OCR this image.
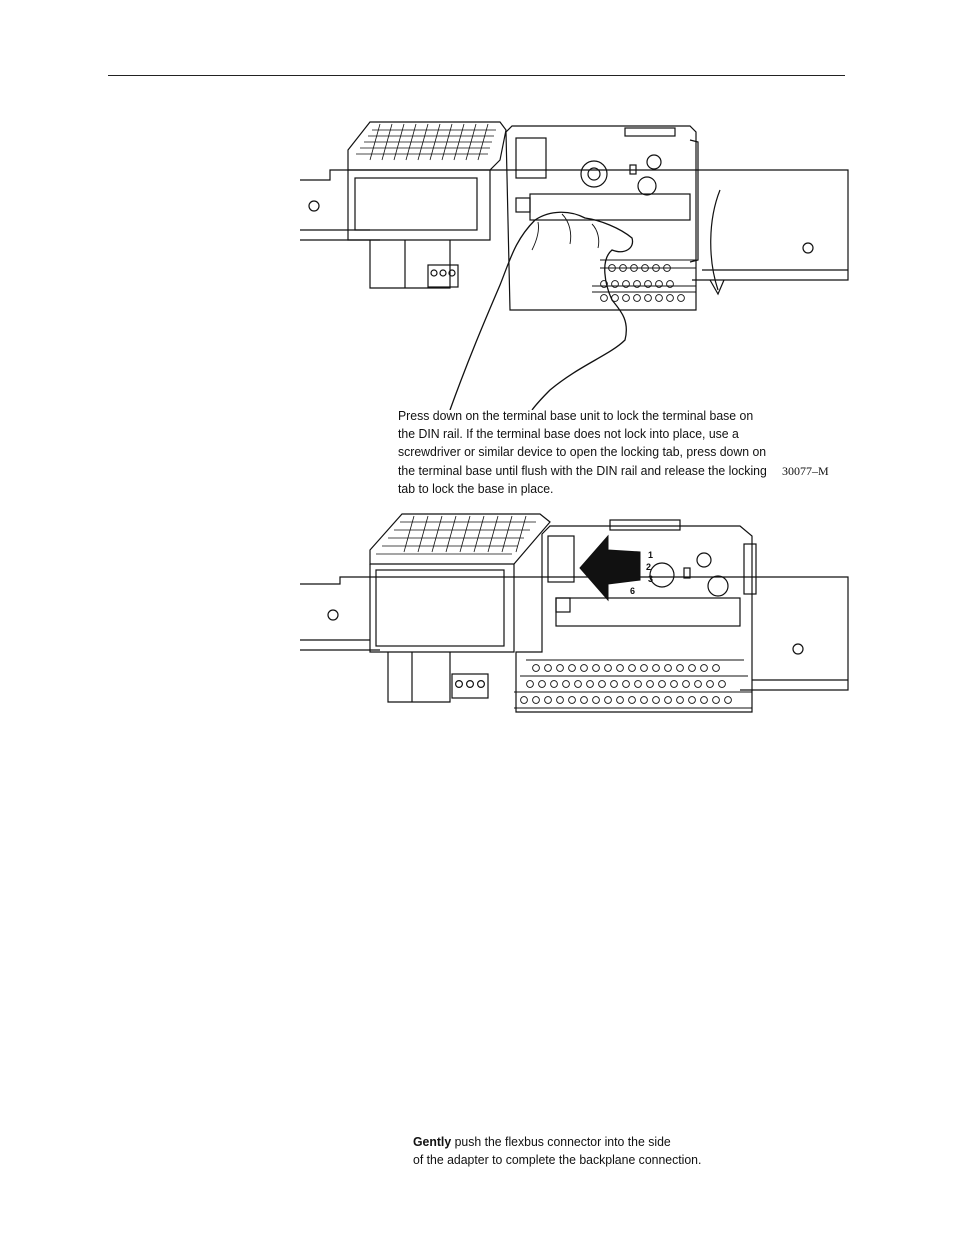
Press down on the terminal base unit to lock the terminal base on
the DIN rail. If the terminal base does not lock into place, use a
screwdriver or similar device to open the locking tab, press down on
the terminal base until flush with the DIN rail and release the locking
tab to lock the base in place.
30077–M
1
2
3
6
Gently push the flexbus connector into the side
of the adapter to complete the backplane connection.
